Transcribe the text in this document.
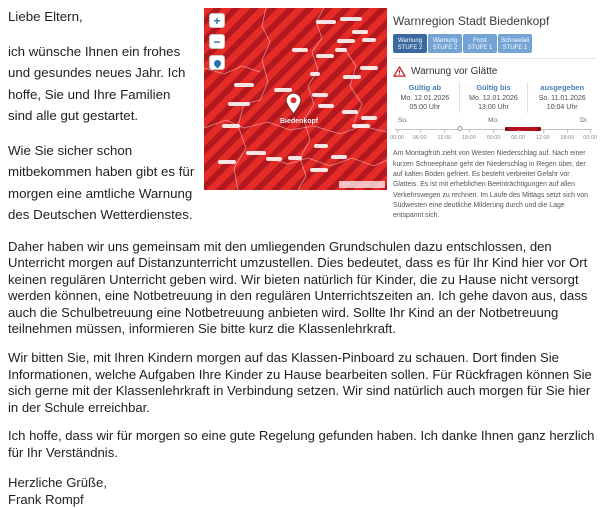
+
−
Biedenkopf
Warnregion Stadt Biedenkopf
Warnung
STUFE 2
Warnung
STUFE 2
Frost
STUFE 1
Schneefall
STUFE 1
Warnung vor Glätte
Gültig ab
Mo. 12.01.2026
05:00 Uhr
Gültig bis
Mo. 12.01.2026
13:00 Uhr
ausgegeben
So. 11.01.2026
10:04 Uhr
So.	Mo.	Di.
00:00 06:00 12:00 18:00 00:00 06:00 12:00 18:00 00:00

Am Montagfrüh zieht von Westen Niederschlag auf. Nach einer kurzen Schneephase geht der Niederschlag in Regen über, der auf kalten Böden gefriert. Es besteht verbreitet Gefahr vor Glatteis. Es ist mit erheblichen Beeinträchtigungen auf allen Verkehrswegen zu rechnen. Im Laufe des Mittags setzt sich von Südwesten eine deutliche Milderung durch und die Lage entspannt sich.

Liebe Eltern,

ich wünsche Ihnen ein frohes und gesundes neues Jahr. Ich hoffe, Sie und Ihre Familien sind alle gut gestartet.

Wie Sie sicher schon mitbekommen haben gibt es für morgen eine amtliche Warnung des Deutschen Wetterdienstes.

Daher haben wir uns gemeinsam mit den umliegenden Grundschulen dazu entschlossen, den Unterricht morgen auf Distanzunterricht umzustellen. Dies bedeutet, dass es für Ihr Kind hier vor Ort keinen regulären Unterricht geben wird. Wir bieten natürlich für Kinder, die zu Hause nicht versorgt werden können, eine Notbetreuung in den regulären Unterrichtszeiten an. Ich gehe davon aus, dass auch die Schulbetreuung eine Notbetreuung anbieten wird. Sollte Ihr Kind an der Notbetreuung teilnehmen müssen, informieren Sie bitte kurz die Klassenlehrkraft.

Wir bitten Sie, mit Ihren Kindern morgen auf das Klassen-Pinboard zu schauen. Dort finden Sie Informationen, welche Aufgaben Ihre Kinder zu Hause bearbeiten sollen. Für Rückfragen können Sie sich gerne mit der Klassenlehrkraft in Verbindung setzen. Wir sind natürlich auch morgen für Sie hier in der Schule erreichbar.

Ich hoffe, dass wir für morgen so eine gute Regelung gefunden haben. Ich danke Ihnen ganz herzlich für Ihr Verständnis.

Herzliche Grüße,

Frank Rompf
